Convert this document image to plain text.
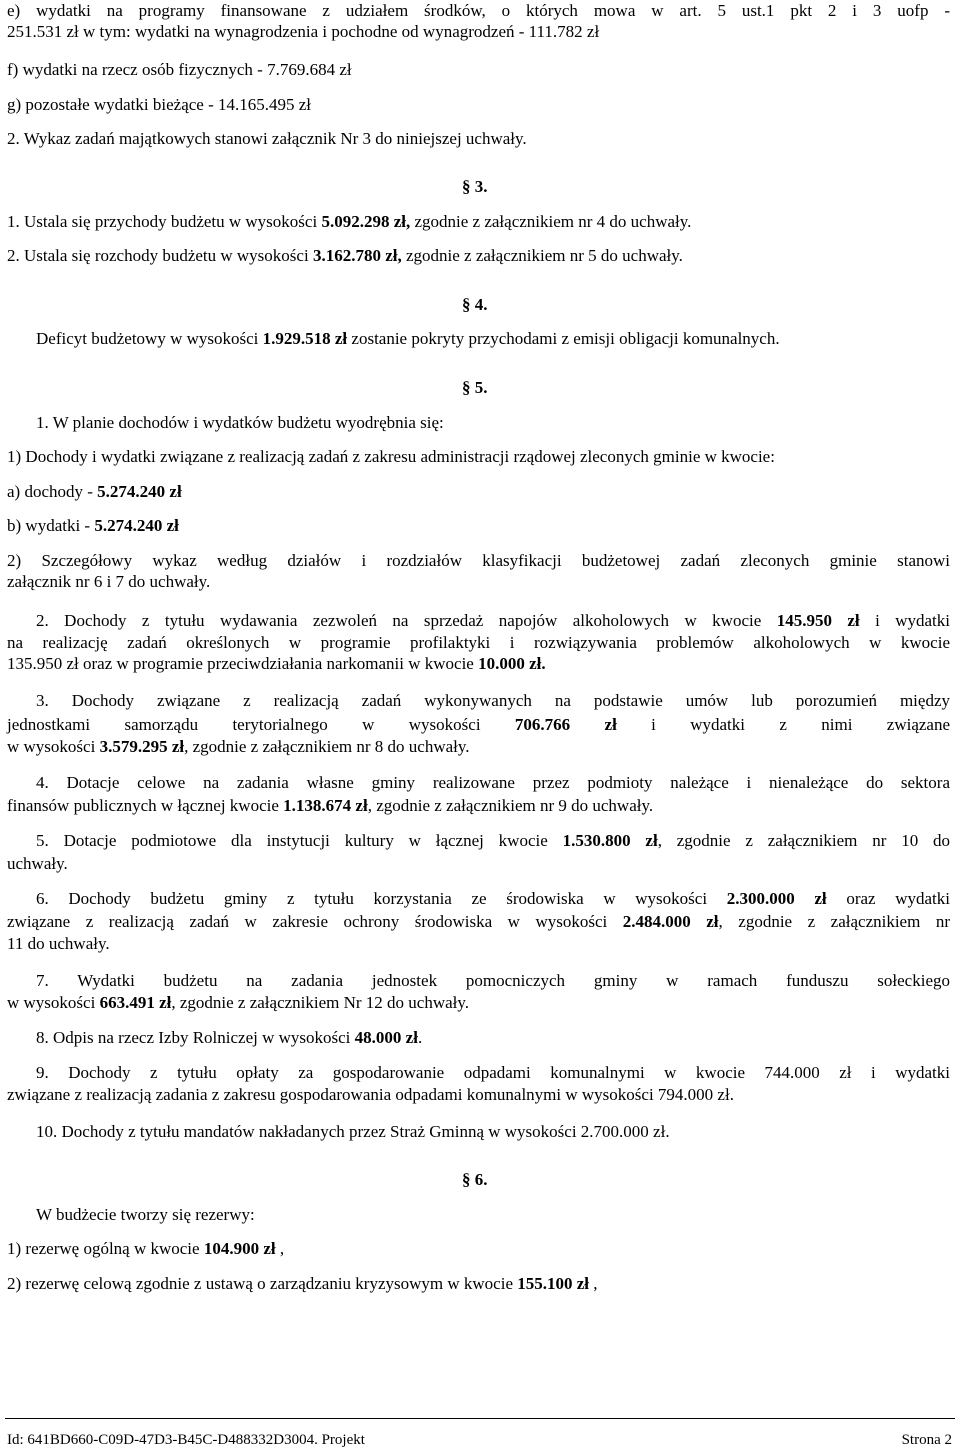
e) wydatki na programy finansowane z udziałem środków, o których mowa w art. 5 ust.1 pkt 2 i 3 uofp -
251.531 zł w tym: wydatki na wynagrodzenia i pochodne od wynagrodzeń - 111.782 zł
f) wydatki na rzecz osób fizycznych - 7.769.684 zł
g) pozostałe wydatki bieżące - 14.165.495 zł
2. Wykaz zadań majątkowych stanowi załącznik Nr 3 do niniejszej uchwały.
§ 3.
1. Ustala się przychody budżetu w wysokości 5.092.298 zł, zgodnie z załącznikiem nr 4 do uchwały.
2. Ustala się rozchody budżetu w wysokości 3.162.780 zł, zgodnie z załącznikiem nr 5 do uchwały.
§ 4.
Deficyt budżetowy w wysokości 1.929.518 zł zostanie pokryty przychodami z emisji obligacji komunalnych.
§ 5.
1. W planie dochodów i wydatków budżetu wyodrębnia się:
1) Dochody i wydatki związane z realizacją zadań z zakresu administracji rządowej zleconych gminie w kwocie:
a) dochody - 5.274.240 zł
b) wydatki - 5.274.240 zł
2) Szczegółowy wykaz według działów i rozdziałów klasyfikacji budżetowej zadań zleconych gminie stanowi
załącznik nr 6 i 7 do uchwały.
2. Dochody z tytułu wydawania zezwoleń na sprzedaż napojów alkoholowych w kwocie 145.950 zł i wydatki
na realizację zadań określonych w programie profilaktyki i rozwiązywania problemów alkoholowych w kwocie
135.950 zł oraz w programie przeciwdziałania narkomanii w kwocie 10.000 zł.
3. Dochody związane z realizacją zadań wykonywanych na podstawie umów lub porozumień między
jednostkami samorządu terytorialnego w wysokości 706.766 zł i wydatki z nimi związane
w wysokości 3.579.295 zł, zgodnie z załącznikiem nr 8 do uchwały.
4. Dotacje celowe na zadania własne gminy realizowane przez podmioty należące i nienależące do sektora
finansów publicznych w łącznej kwocie 1.138.674 zł, zgodnie z załącznikiem nr 9 do uchwały.
5. Dotacje podmiotowe dla instytucji kultury w łącznej kwocie 1.530.800 zł, zgodnie z załącznikiem nr 10 do
uchwały.
6. Dochody budżetu gminy z tytułu korzystania ze środowiska w wysokości 2.300.000 zł oraz wydatki
związane z realizacją zadań w zakresie ochrony środowiska w wysokości 2.484.000 zł, zgodnie z załącznikiem nr
11 do uchwały.
7. Wydatki budżetu na zadania jednostek pomocniczych gminy w ramach funduszu sołeckiego
w wysokości 663.491 zł, zgodnie z załącznikiem Nr 12 do uchwały.
8. Odpis na rzecz Izby Rolniczej w wysokości 48.000 zł.
9. Dochody z tytułu opłaty za gospodarowanie odpadami komunalnymi w kwocie 744.000 zł i wydatki
związane z realizacją zadania z zakresu gospodarowania odpadami komunalnymi w wysokości 794.000 zł.
10. Dochody z tytułu mandatów nakładanych przez Straż Gminną w wysokości 2.700.000 zł.
§ 6.
W budżecie tworzy się rezerwy:
1) rezerwę ogólną w kwocie 104.900 zł ,
2) rezerwę celową zgodnie z ustawą o zarządzaniu kryzysowym w kwocie 155.100 zł ,
Id: 641BD660-C09D-47D3-B45C-D488332D3004. Projekt	Strona 2
